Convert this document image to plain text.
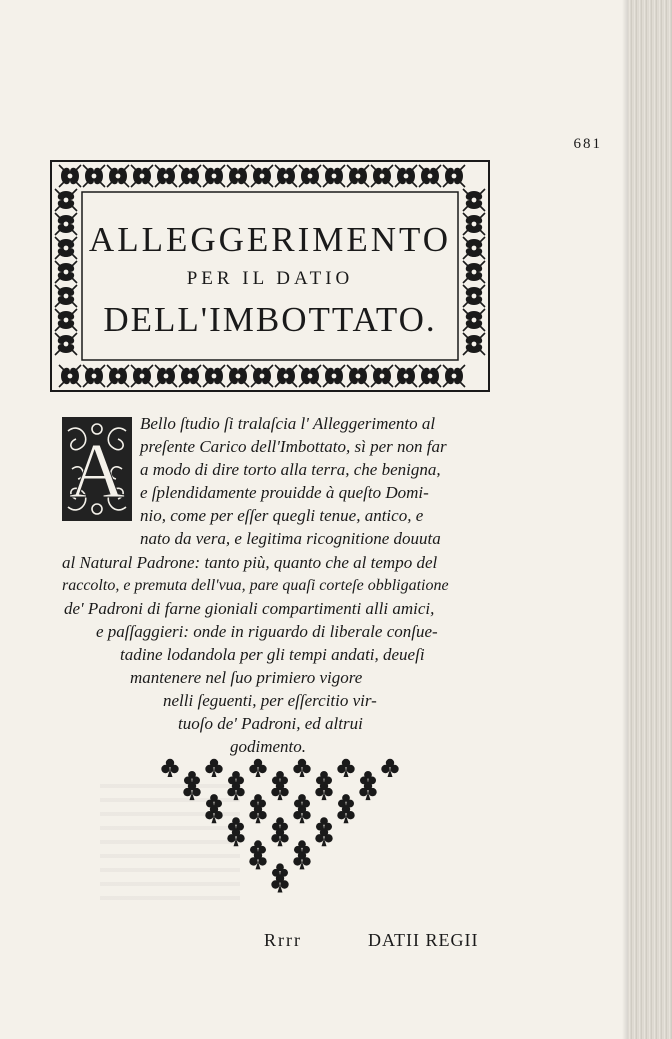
681
ALLEGGERIMENTO
PER IL DATIO
DELL'IMBOTTATO.
A
Bello ſtudio ſi tralaſcia l' Alleggerimento al
preſente Carico dell'Imbottato, sì per non far
a modo di dire torto alla terra, che benigna,
e ſplendidamente prouidde à queſto Domi-
nio, come per eſſer quegli tenue, antico, e
nato da vera, e legitima ricognitione douuta
al Natural Padrone: tanto più, quanto che al tempo del
raccolto, e premuta dell'vua, pare quaſi corteſe obbligatione
de' Padroni di farne gioniali compartimenti alli amici,
e paſſaggieri: onde in riguardo di liberale conſue-
tadine lodandola per gli tempi andati, deueſi
mantenere nel ſuo primiero vigore
nelli ſeguenti, per eſſercitio vir-
tuoſo de' Padroni, ed altrui
godimento.
Rrrr	DATII REGII
